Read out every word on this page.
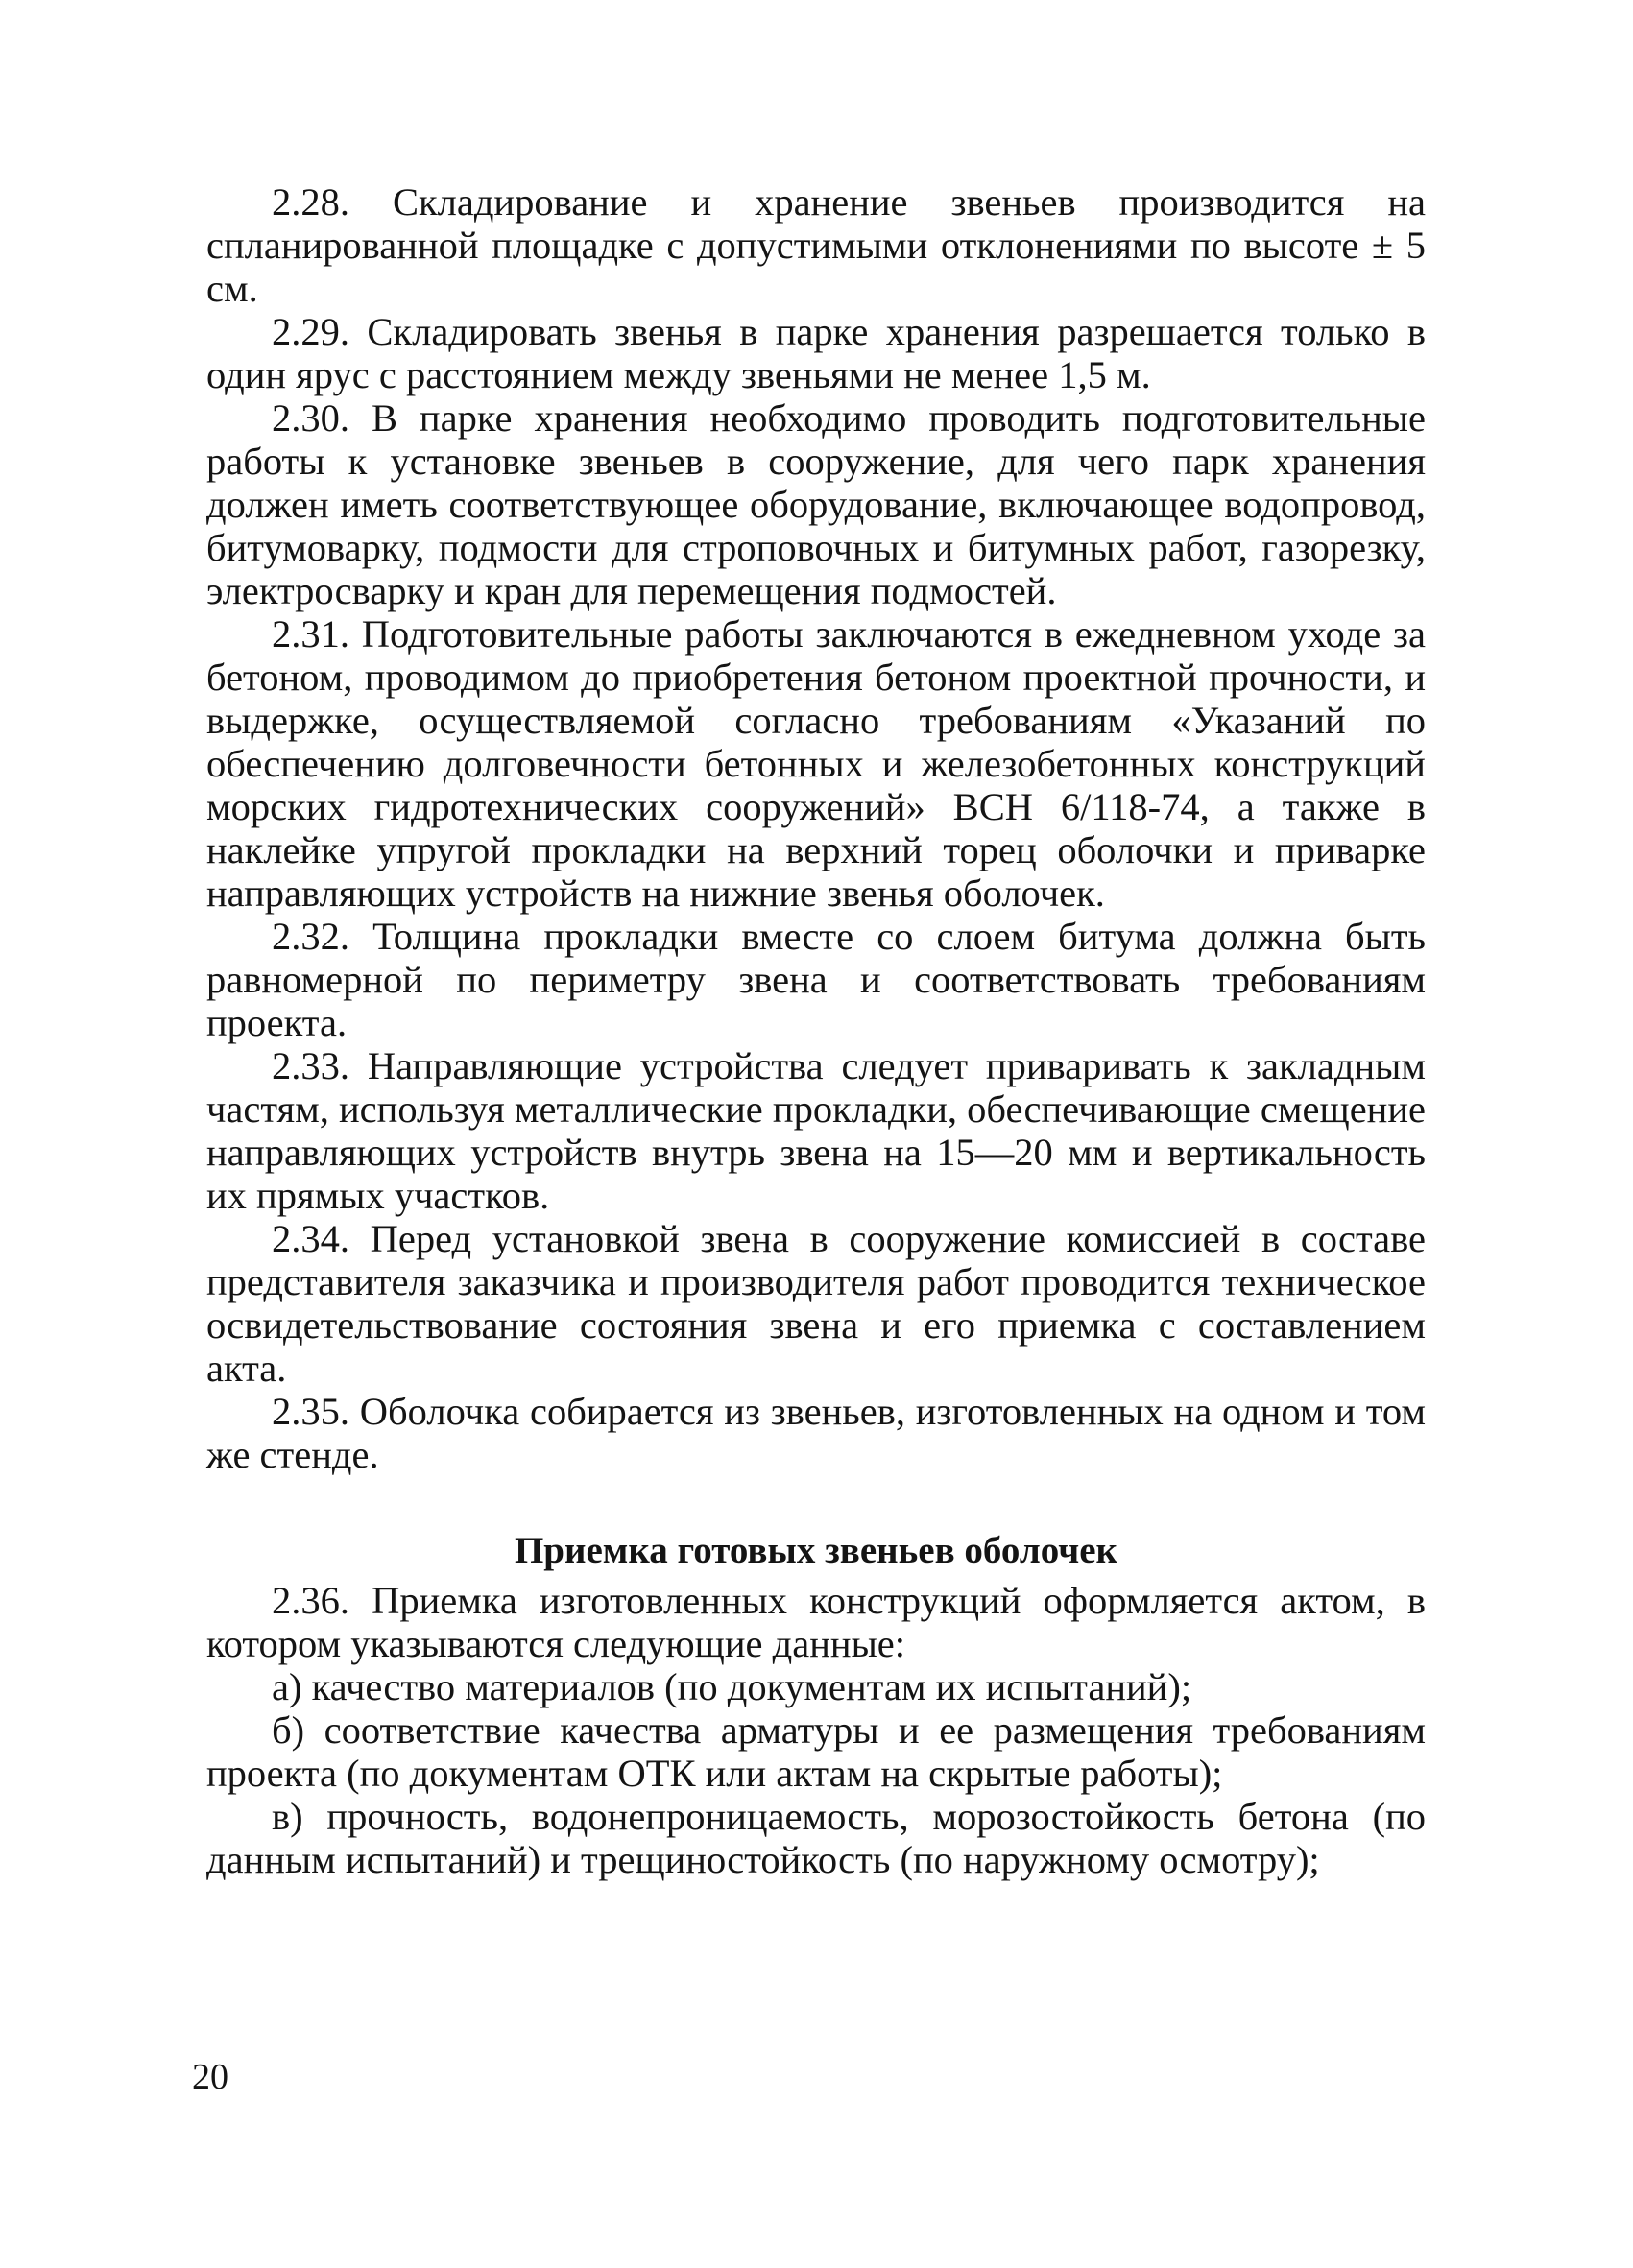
2.28. Складирование и хранение звеньев производится на спланированной площадке с допустимыми отклонениями по высоте ± 5 см.

2.29. Складировать звенья в парке хранения разрешается только в один ярус с расстоянием между звеньями не менее 1,5 м.

2.30. В парке хранения необходимо проводить подготовительные работы к установке звеньев в сооружение, для чего парк хранения должен иметь соответствующее оборудование, включающее водопровод, битумоварку, подмости для строповочных и битумных работ, газорезку, электросварку и кран для перемещения подмостей.

2.31. Подготовительные работы заключаются в ежедневном уходе за бетоном, проводимом до приобретения бетоном проектной прочности, и выдержке, осуществляемой согласно требованиям «Указаний по обеспечению долговечности бетонных и железобетонных конструкций морских гидротехнических сооружений» ВСН 6/118-74, а также в наклейке упругой прокладки на верхний торец оболочки и приварке направляющих устройств на нижние звенья оболочек.

2.32. Толщина прокладки вместе со слоем битума должна быть равномерной по периметру звена и соответствовать требованиям проекта.

2.33. Направляющие устройства следует приваривать к закладным частям, используя металлические прокладки, обеспечивающие смещение направляющих устройств внутрь звена на 15—20 мм и вертикальность их прямых участков.

2.34. Перед установкой звена в сооружение комиссией в составе представителя заказчика и производителя работ проводится техническое освидетельствование состояния звена и его приемка с составлением акта.

2.35. Оболочка собирается из звеньев, изготовленных на одном и том же стенде.

Приемка готовых звеньев оболочек

2.36. Приемка изготовленных конструкций оформляется актом, в котором указываются следующие данные:

а) качество материалов (по документам их испытаний);

б) соответствие качества арматуры и ее размещения требованиям проекта (по документам ОТК или актам на скрытые работы);

в) прочность, водонепроницаемость, морозостойкость бетона (по данным испытаний) и трещиностойкость (по наружному осмотру);

20
